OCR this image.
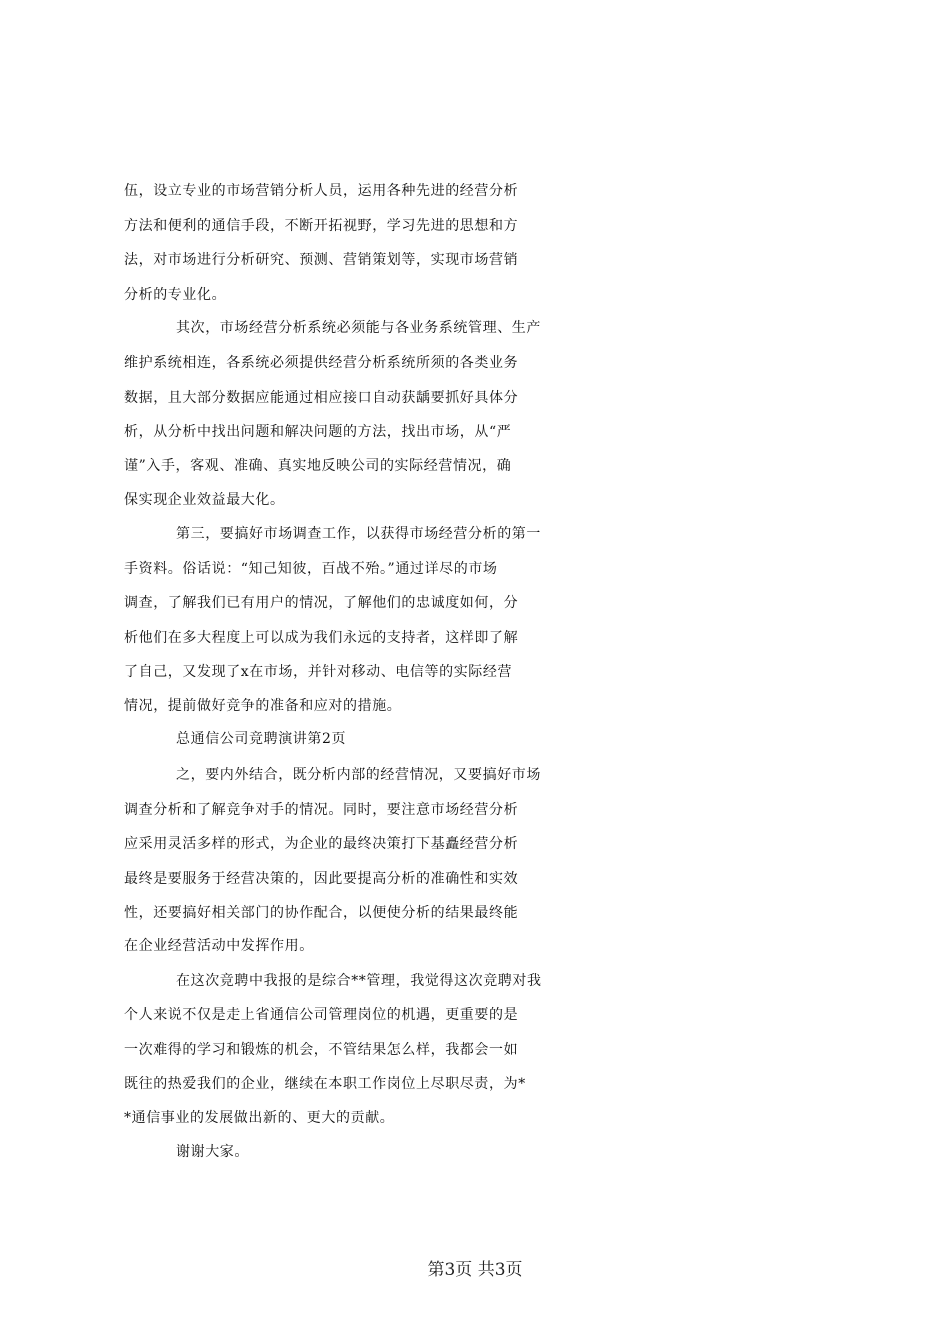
伍，设立专业的市场营销分析人员，运用各种先进的经营分析
方法和便利的通信手段，不断开拓视野，学习先进的思想和方
法，对市场进行分析研究、预测、营销策划等，实现市场营销
分析的专业化。
其次，市场经营分析系统必须能与各业务系统管理、生产
维护系统相连，各系统必须提供经营分析系统所须的各类业务
数据，且大部分数据应能通过相应接口自动获龋要抓好具体分
析，从分析中找出问题和解决问题的方法，找出市场，从“严
谨”入手，客观、准确、真实地反映公司的实际经营情况，确
保实现企业效益最大化。
第三，要搞好市场调查工作，以获得市场经营分析的第一
手资料。俗话说：“知己知彼，百战不殆。”通过详尽的市场
调查，了解我们已有用户的情况，了解他们的忠诚度如何，分
析他们在多大程度上可以成为我们永远的支持者，这样即了解
了自己，又发现了x在市场，并针对移动、电信等的实际经营
情况，提前做好竞争的准备和应对的措施。
总通信公司竞聘演讲第2页
之，要内外结合，既分析内部的经营情况，又要搞好市场
调查分析和了解竞争对手的情况。同时，要注意市场经营分析
应采用灵活多样的形式，为企业的最终决策打下基矗经营分析
最终是要服务于经营决策的，因此要提高分析的准确性和实效
性，还要搞好相关部门的协作配合，以便使分析的结果最终能
在企业经营活动中发挥作用。
在这次竞聘中我报的是综合**管理，我觉得这次竞聘对我
个人来说不仅是走上省通信公司管理岗位的机遇，更重要的是
一次难得的学习和锻炼的机会，不管结果怎么样，我都会一如
既往的热爱我们的企业，继续在本职工作岗位上尽职尽责，为*
*通信事业的发展做出新的、更大的贡献。
谢谢大家。
第3页 共3页
